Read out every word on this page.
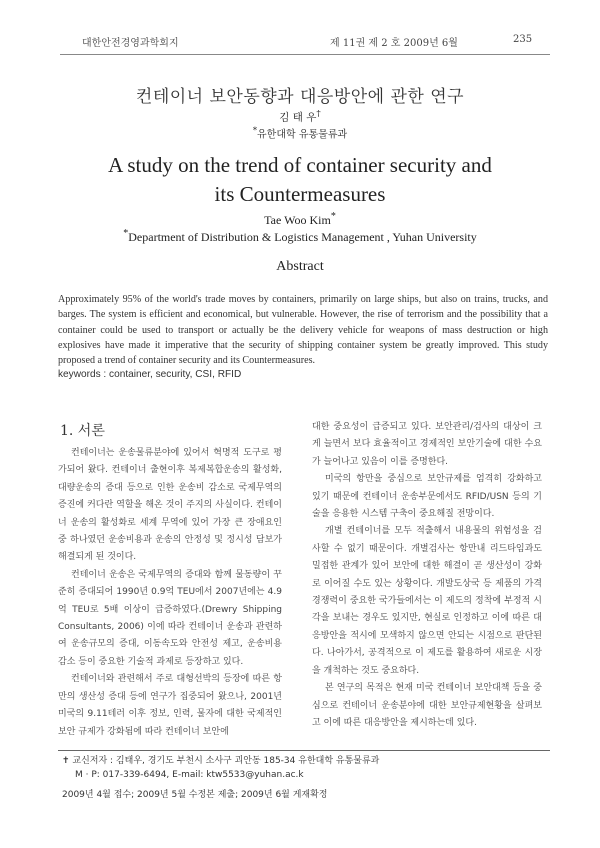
대한안전경영과학회지	제 11권 제 2 호 2009년 6월	235
컨테이너 보안동향과 대응방안에 관한 연구
김 태 우†
*유한대학 유통물류과
A study on the trend of container security and
its Countermeasures
Tae Woo Kim*
*Department of Distribution & Logistics Management , Yuhan University
Abstract
Approximately 95% of the world's trade moves by containers, primarily on large ships, but also on trains, trucks, and barges. The system is efficient and economical, but vulnerable. However, the rise of terrorism and the possibility that a container could be used to transport or actually be the delivery vehicle for weapons of mass destruction or high explosives have made it imperative that the security of shipping container system be greatly improved. This study proposed a trend of container security and its Countermeasures.
keywords : container, security, CSI, RFID
1. 서론

컨테이너는 운송물류분야에 있어서 혁명적 도구로 평가되어 왔다. 컨테이너 출현이후 복제복합운송의 활성화, 대량운송의 증대 등으로 인한 운송비 감소로 국제무역의 증진에 커다란 역할을 해온 것이 주지의 사실이다. 컨테이너 운송의 활성화로 세계 무역에 있어 가장 큰 장애요인 중 하나였던 운송비용과 운송의 안정성 및 정시성 담보가 해결되게 된 것이다.

컨테이너 운송은 국제무역의 증대와 함께 물동량이 꾸준히 증대되어 1990년 0.9억 TEU에서 2007년에는 4.9억 TEU로 5배 이상이 급증하였다.(Drewry Shipping Consultants, 2006) 이에 따라 컨테이너 운송과 관련하여 운송규모의 증대, 이동속도와 안전성 제고, 운송비용 감소 등이 중요한 기술적 과제로 등장하고 있다.

컨테이너와 관련해서 주로 대형선박의 등장에 따른 항만의 생산성 증대 등에 연구가 집중되어 왔으나, 2001년 미국의 9.11테러 이후 정보, 인력, 물자에 대한 국제적인 보안 규제가 강화됨에 따라 컨테이너 보안에

대한 중요성이 급증되고 있다. 보안관리/검사의 대상이 크게 늘면서 보다 효율적이고 경제적인 보안기술에 대한 수요가 늘어나고 있음이 이를 증명한다.

미국의 항만을 중심으로 보안규제를 엄격히 강화하고 있기 때문에 컨테이너 운송부문에서도 RFID/USN 등의 기술을 응용한 시스템 구축이 중요해질 전망이다.

개별 컨테이너를 모두 적출해서 내용물의 위험성을 검사할 수 없기 때문이다. 개별검사는 항만내 리드타임과도 밀접한 관계가 있어 보안에 대한 해결이 곧 생산성이 강화로 이어질 수도 있는 상황이다. 개발도상국 등 제품의 가격경쟁력이 중요한 국가들에서는 이 제도의 정착에 부정적 시각을 보내는 경우도 있지만, 현실로 인정하고 이에 따른 대응방안을 적시에 모색하지 않으면 안되는 시점으로 판단된다. 나아가서, 공격적으로 이 제도를 활용하여 새로운 시장을 개척하는 것도 중요하다.

본 연구의 목적은 현재 미국 컨테이너 보안대책 등을 중심으로 컨테이너 운송분야에 대한 보안규제현황을 살펴보고 이에 따른 대응방안을 제시하는데 있다.

✝ 교신저자 : 김태우, 경기도 부천시 소사구 괴안동 185-34 유한대학 유통물류과
M · P: 017-339-6494, E-mail: ktw5533@yuhan.ac.k
2009년 4월 접수; 2009년 5월 수정본 제출; 2009년 6월 게재확정
